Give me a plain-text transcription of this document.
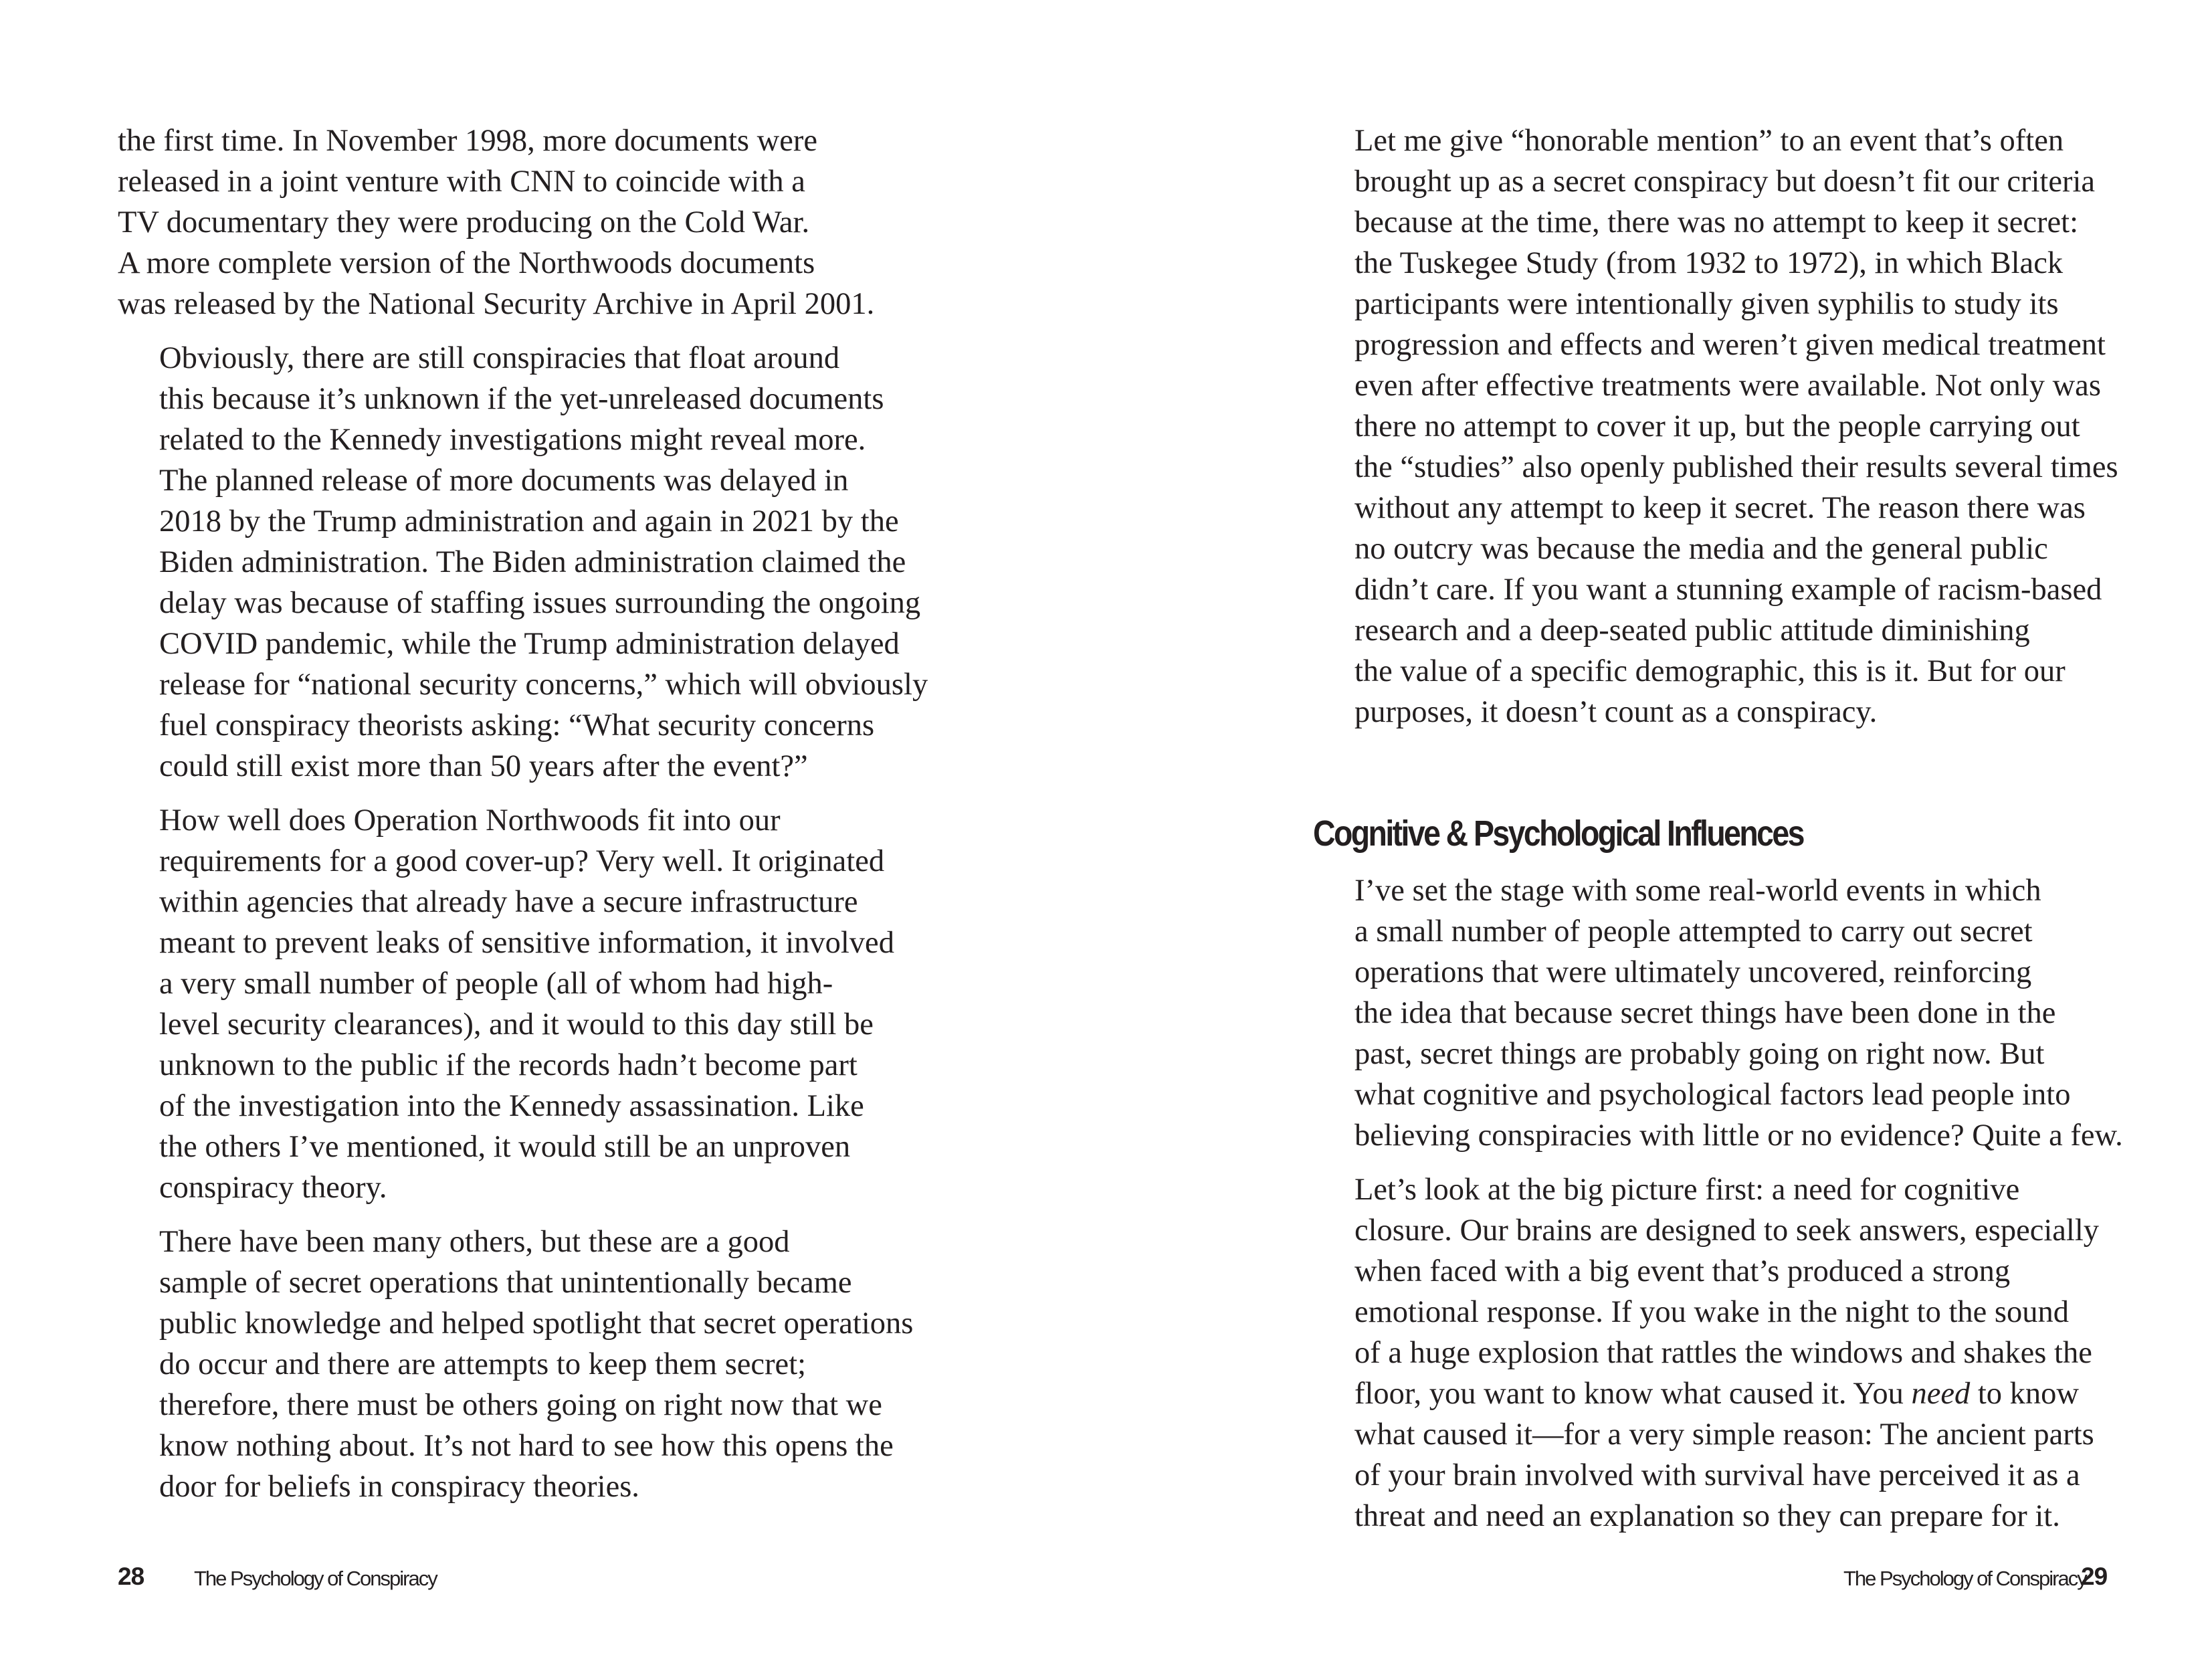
the first time. In November 1998, more documents were
released in a joint venture with CNN to coincide with a
TV documentary they were producing on the Cold War.
A more complete version of the Northwoods documents
was released by the National Security Archive in April 2001.

Obviously, there are still conspiracies that float around
this because it’s unknown if the yet-unreleased documents
related to the Kennedy investigations might reveal more.
The planned release of more documents was delayed in
2018 by the Trump administration and again in 2021 by the
Biden administration. The Biden administration claimed the
delay was because of staffing issues surrounding the ongoing
COVID pandemic, while the Trump administration delayed
release for “national security concerns,” which will obviously
fuel conspiracy theorists asking: “What security concerns
could still exist more than 50 years after the event?”

How well does Operation Northwoods fit into our
requirements for a good cover-up? Very well. It originated
within agencies that already have a secure infrastructure
meant to prevent leaks of sensitive information, it involved
a very small number of people (all of whom had high-
level security clearances), and it would to this day still be
unknown to the public if the records hadn’t become part
of the investigation into the Kennedy assassination. Like
the others I’ve mentioned, it would still be an unproven
conspiracy theory.

There have been many others, but these are a good
sample of secret operations that unintentionally became
public knowledge and helped spotlight that secret operations
do occur and there are attempts to keep them secret;
therefore, there must be others going on right now that we
know nothing about. It’s not hard to see how this opens the
door for beliefs in conspiracy theories.

28 The Psychology of Conspiracy

Let me give “honorable mention” to an event that’s often
brought up as a secret conspiracy but doesn’t fit our criteria
because at the time, there was no attempt to keep it secret:
the Tuskegee Study (from 1932 to 1972), in which Black
participants were intentionally given syphilis to study its
progression and effects and weren’t given medical treatment
even after effective treatments were available. Not only was
there no attempt to cover it up, but the people carrying out
the “studies” also openly published their results several times
without any attempt to keep it secret. The reason there was
no outcry was because the media and the general public
didn’t care. If you want a stunning example of racism-based
research and a deep-seated public attitude diminishing
the value of a specific demographic, this is it. But for our
purposes, it doesn’t count as a conspiracy.

Cognitive & Psychological Influences

I’ve set the stage with some real-world events in which
a small number of people attempted to carry out secret
operations that were ultimately uncovered, reinforcing
the idea that because secret things have been done in the
past, secret things are probably going on right now. But
what cognitive and psychological factors lead people into
believing conspiracies with little or no evidence? Quite a few.

Let’s look at the big picture first: a need for cognitive
closure. Our brains are designed to seek answers, especially
when faced with a big event that’s produced a strong
emotional response. If you wake in the night to the sound
of a huge explosion that rattles the windows and shakes the
floor, you want to know what caused it. You need to know
what caused it—for a very simple reason: The ancient parts
of your brain involved with survival have perceived it as a
threat and need an explanation so they can prepare for it.

The Psychology of Conspiracy
29
